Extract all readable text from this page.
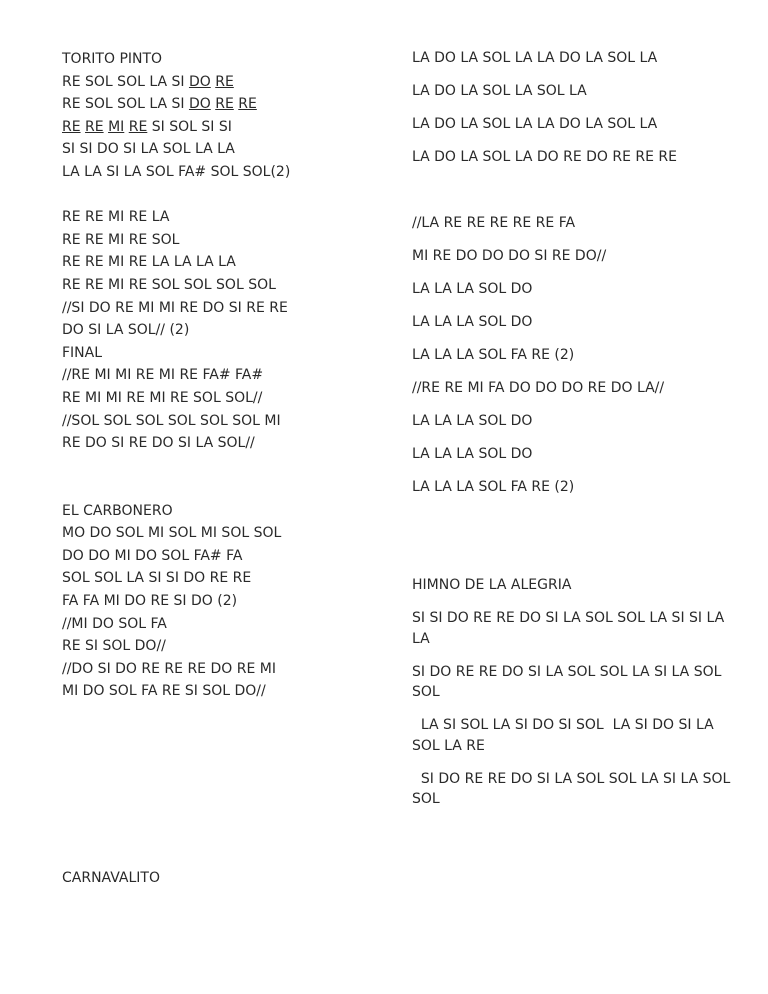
TORITO PINTO
RE SOL SOL LA SI DO RE
RE SOL SOL LA SI DO RE RE
RE RE MI RE SI SOL SI SI
SI SI DO SI LA SOL LA LA
LA LA SI LA SOL FA# SOL SOL(2)
RE RE MI RE LA
RE RE MI RE SOL
RE RE MI RE LA LA LA LA
RE RE MI RE SOL SOL SOL SOL
//SI DO RE MI MI RE DO SI RE RE
DO SI LA SOL// (2)
FINAL
//RE MI MI RE MI RE FA# FA#
RE MI MI RE MI RE SOL SOL//
//SOL SOL SOL SOL SOL SOL MI
RE DO SI RE DO SI LA SOL//
EL CARBONERO
MO DO SOL MI SOL MI SOL SOL
DO DO MI DO SOL FA# FA
SOL SOL LA SI SI DO RE RE
FA FA MI DO RE SI DO (2)
//MI DO SOL FA
RE SI SOL DO//
//DO SI DO RE RE RE DO RE MI
MI DO SOL FA RE SI SOL DO//
CARNAVALITO
LA DO LA SOL LA LA DO LA SOL LA
LA DO LA SOL LA SOL LA
LA DO LA SOL LA LA DO LA SOL LA
LA DO LA SOL LA DO RE DO RE RE RE
//LA RE RE RE RE RE FA
MI RE DO DO DO SI RE DO//
LA LA LA SOL DO
LA LA LA SOL DO
LA LA LA SOL FA RE (2)
//RE RE MI FA DO DO DO RE DO LA//
LA LA LA SOL DO
LA LA LA SOL DO
LA LA LA SOL FA RE (2)
HIMNO DE LA ALEGRIA
SI SI DO RE RE DO SI LA SOL SOL LA SI SI LA LA
SI DO RE RE DO SI LA SOL SOL LA SI LA SOL SOL
LA SI SOL LA SI DO SI SOL  LA SI DO SI LA SOL LA RE
SI DO RE RE DO SI LA SOL SOL LA SI LA SOL SOL
